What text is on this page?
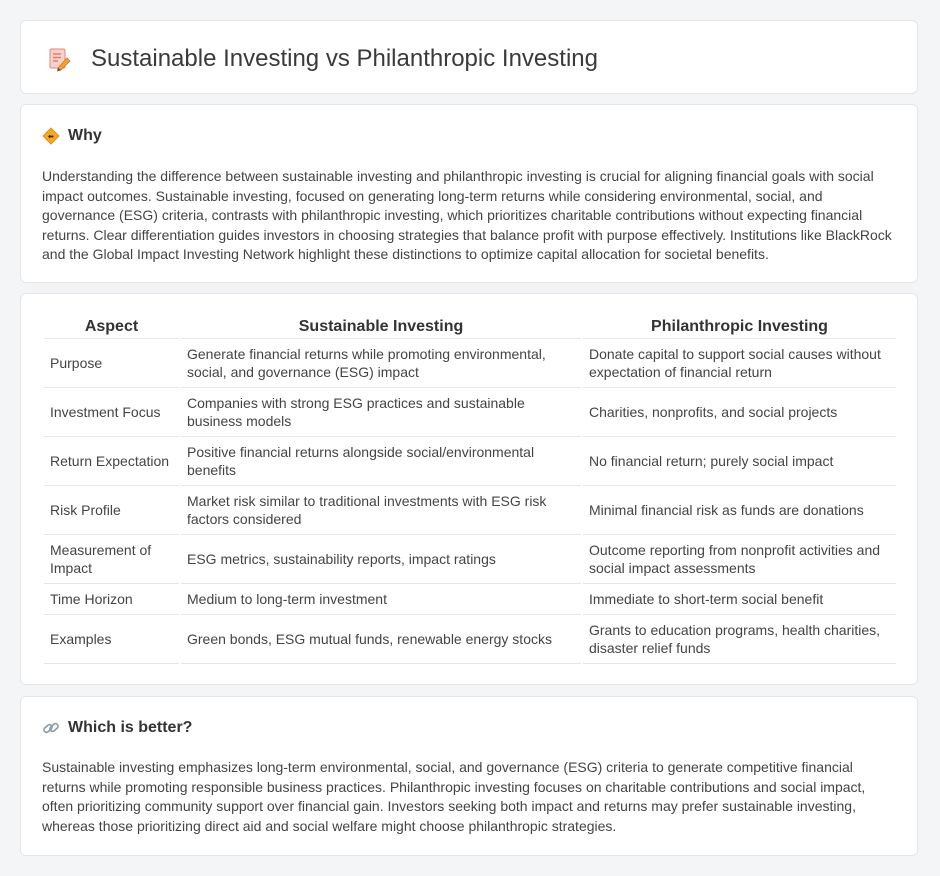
Sustainable Investing vs Philanthropic Investing
Why

Understanding the difference between sustainable investing and philanthropic investing is crucial for aligning financial goals with social impact outcomes. Sustainable investing, focused on generating long-term returns while considering environmental, social, and governance (ESG) criteria, contrasts with philanthropic investing, which prioritizes charitable contributions without expecting financial returns. Clear differentiation guides investors in choosing strategies that balance profit with purpose effectively. Institutions like BlackRock and the Global Impact Investing Network highlight these distinctions to optimize capital allocation for societal benefits.

Aspect	Sustainable Investing	Philanthropic Investing
Purpose	Generate financial returns while promoting environmental, social, and governance (ESG) impact	Donate capital to support social causes without expectation of financial return
Investment Focus	Companies with strong ESG practices and sustainable business models	Charities, nonprofits, and social projects
Return Expectation	Positive financial returns alongside social/environmental benefits	No financial return; purely social impact
Risk Profile	Market risk similar to traditional investments with ESG risk factors considered	Minimal financial risk as funds are donations
Measurement of Impact	ESG metrics, sustainability reports, impact ratings	Outcome reporting from nonprofit activities and social impact assessments
Time Horizon	Medium to long-term investment	Immediate to short-term social benefit
Examples	Green bonds, ESG mutual funds, renewable energy stocks	Grants to education programs, health charities, disaster relief funds
Which is better?

Sustainable investing emphasizes long-term environmental, social, and governance (ESG) criteria to generate competitive financial returns while promoting responsible business practices. Philanthropic investing focuses on charitable contributions and social impact, often prioritizing community support over financial gain. Investors seeking both impact and returns may prefer sustainable investing, whereas those prioritizing direct aid and social welfare might choose philanthropic strategies.
